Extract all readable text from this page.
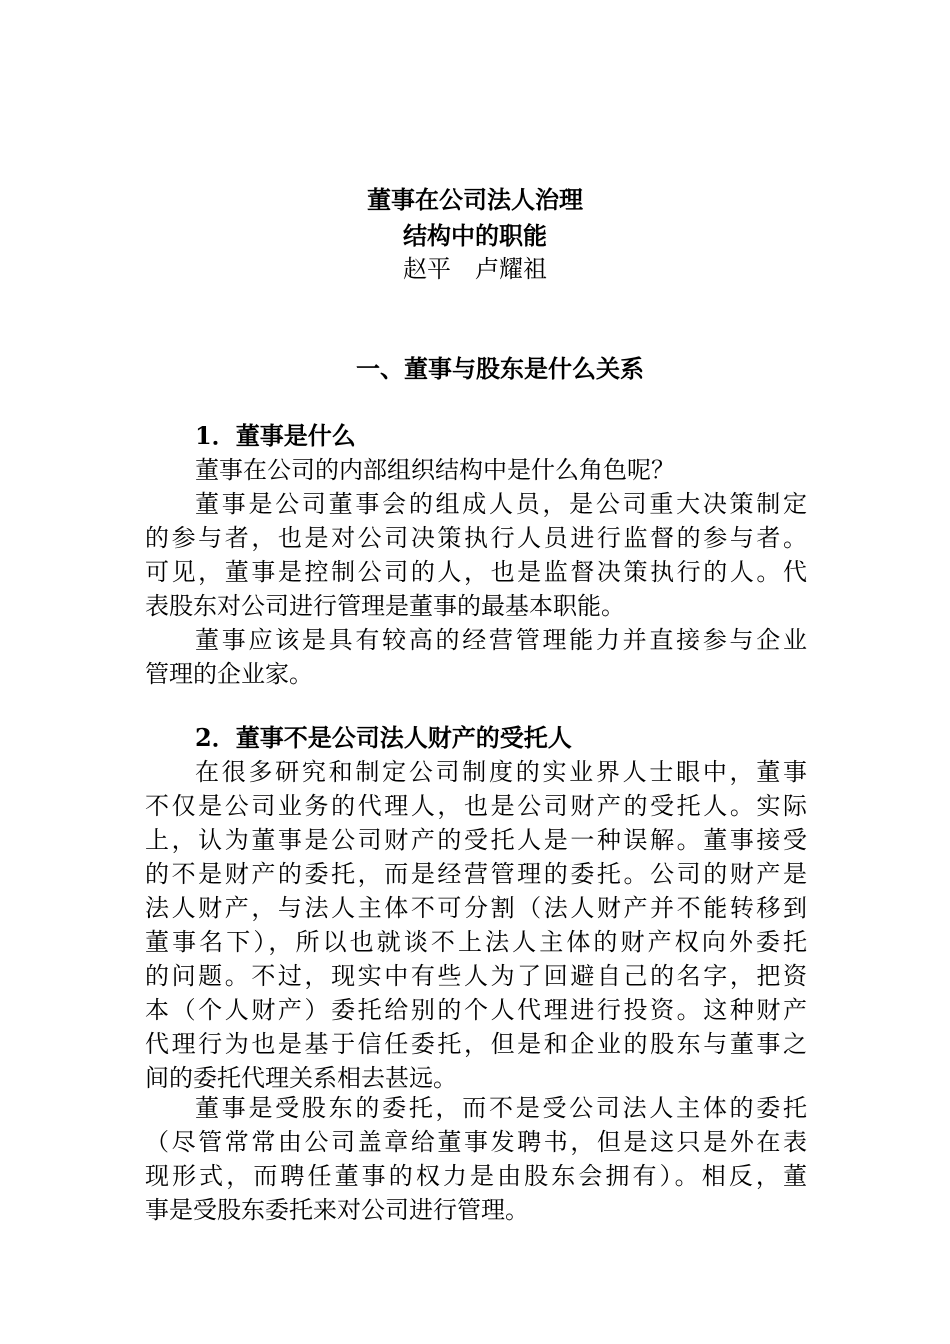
董事在公司法人治理
结构中的职能
赵平　卢耀祖
一、董事与股东是什么关系
1．董事是什么
董事在公司的内部组织结构中是什么角色呢？
董事是公司董事会的组成人员，是公司重大决策制定
的参与者，也是对公司决策执行人员进行监督的参与者。
可见，董事是控制公司的人，也是监督决策执行的人。代
表股东对公司进行管理是董事的最基本职能。
董事应该是具有较高的经营管理能力并直接参与企业
管理的企业家。
2．董事不是公司法人财产的受托人
在很多研究和制定公司制度的实业界人士眼中，董事
不仅是公司业务的代理人，也是公司财产的受托人。实际
上，认为董事是公司财产的受托人是一种误解。董事接受
的不是财产的委托，而是经营管理的委托。公司的财产是
法人财产，与法人主体不可分割（法人财产并不能转移到
董事名下），所以也就谈不上法人主体的财产权向外委托
的问题。不过，现实中有些人为了回避自己的名字，把资
本（个人财产）委托给别的个人代理进行投资。这种财产
代理行为也是基于信任委托，但是和企业的股东与董事之
间的委托代理关系相去甚远。
董事是受股东的委托，而不是受公司法人主体的委托
（尽管常常由公司盖章给董事发聘书，但是这只是外在表
现形式，而聘任董事的权力是由股东会拥有）。相反，董
事是受股东委托来对公司进行管理。
